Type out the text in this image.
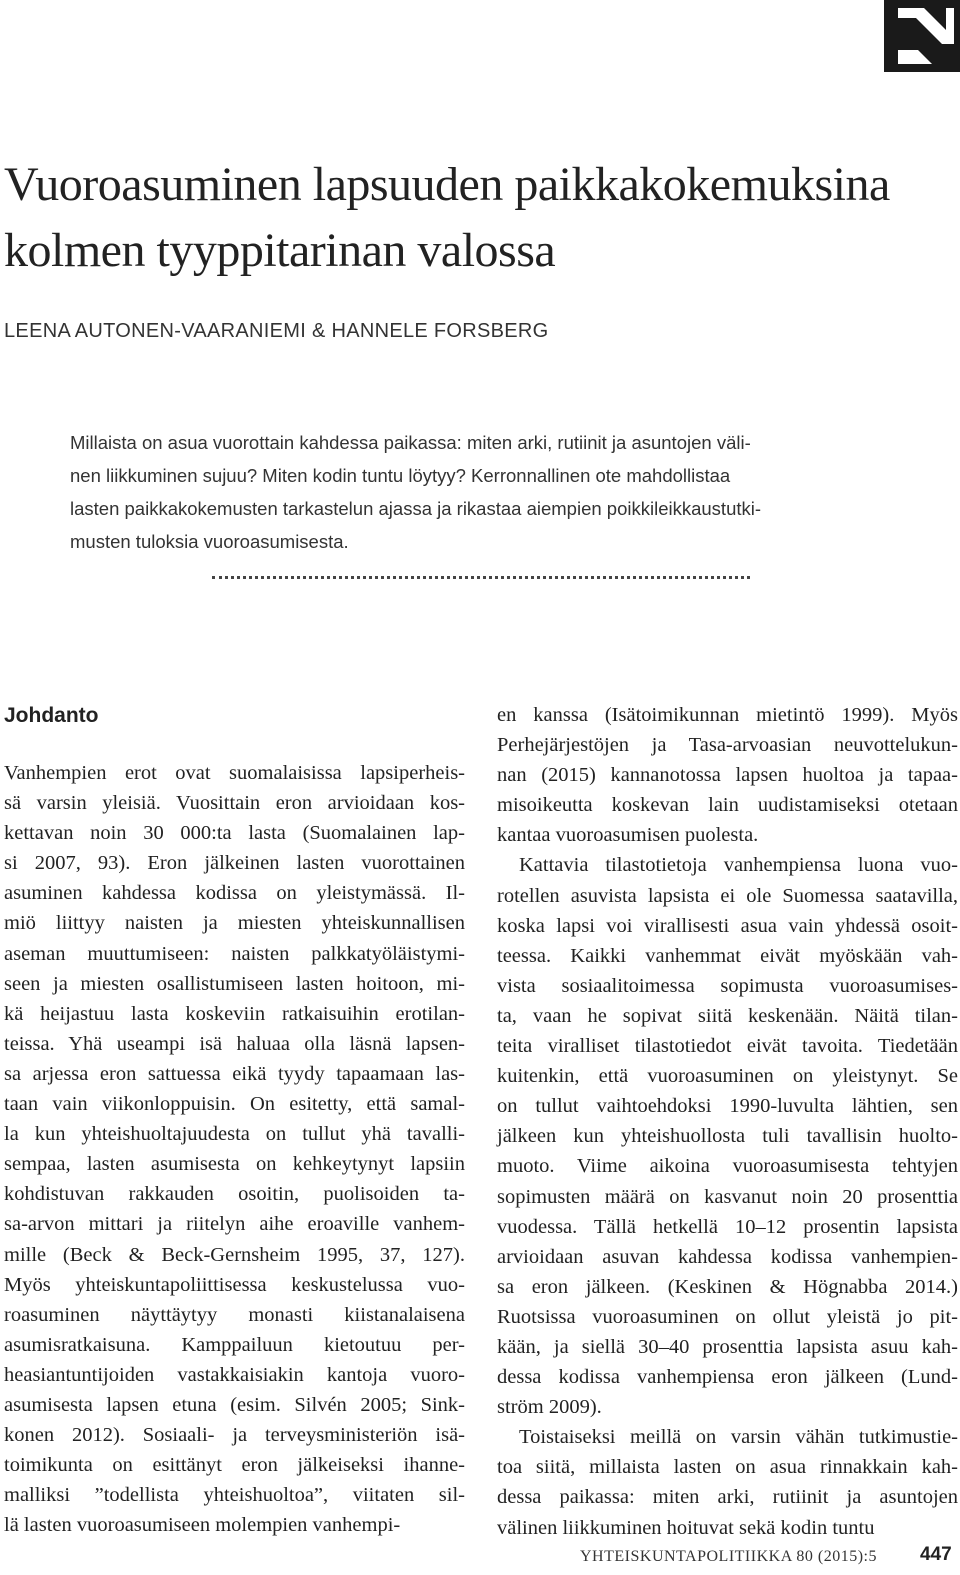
Vuoroasuminen lapsuuden paikkakokemuksina
kolmen tyyppitarinan valossa

LEENA AUTONEN-VAARANIEMI & HANNELE FORSBERG

Millaista on asua vuorottain kahdessa paikassa: miten arki, rutiinit ja asuntojen väli-
nen liikkuminen sujuu? Miten kodin tuntu löytyy? Kerronnallinen ote mahdollistaa
lasten paikkakokemusten tarkastelun ajassa ja rikastaa aiempien poikkileikkaustutki-
musten tuloksia vuoroasumisesta.
Johdanto
Vanhempien erot ovat suomalaisissa lapsiperheis-
sä varsin yleisiä. Vuosittain eron arvioidaan kos-
kettavan noin 30 000:ta lasta (Suomalainen lap-
si 2007, 93). Eron jälkeinen lasten vuorottainen
asuminen kahdessa kodissa on yleistymässä. Il-
miö liittyy naisten ja miesten yhteiskunnallisen
aseman muuttumiseen: naisten palkkatyöläistymi-
seen ja miesten osallistumiseen lasten hoitoon, mi-
kä heijastuu lasta koskeviin ratkaisuihin erotilan-
teissa. Yhä useampi isä haluaa olla läsnä lapsen-
sa arjessa eron sattuessa eikä tyydy tapaamaan las-
taan vain viikonloppuisin. On esitetty, että samal-
la kun yhteishuoltajuudesta on tullut yhä tavalli-
sempaa, lasten asumisesta on kehkeytynyt lapsiin
kohdistuvan rakkauden osoitin, puolisoiden ta-
sa-arvon mittari ja riitelyn aihe eroaville vanhem-
mille (Beck & Beck-Gernsheim 1995, 37, 127).
Myös yhteiskuntapoliittisessa keskustelussa vuo-
roasuminen näyttäytyy monasti kiistanalaisena
asumisratkaisuna. Kamppailuun kietoutuu per-
heasiantuntijoiden vastakkaisiakin kantoja vuoro-
asumisesta lapsen etuna (esim. Silvén 2005; Sink-
konen 2012). Sosiaali- ja terveysministeriön isä-
toimikunta on esittänyt eron jälkeiseksi ihanne-
malliksi ”todellista yhteishuoltoa”, viitaten sil-
lä lasten vuoroasumiseen molempien vanhempi-
en kanssa (Isätoimikunnan mietintö 1999). Myös
Perhejärjestöjen ja Tasa-arvoasian neuvottelukun-
nan (2015) kannanotossa lapsen huoltoa ja tapaa-
misoikeutta koskevan lain uudistamiseksi otetaan
kantaa vuoroasumisen puolesta.
Kattavia tilastotietoja vanhempiensa luona vuo-
rotellen asuvista lapsista ei ole Suomessa saatavilla,
koska lapsi voi virallisesti asua vain yhdessä osoit-
teessa. Kaikki vanhemmat eivät myöskään vah-
vista sosiaalitoimessa sopimusta vuoroasumises-
ta, vaan he sopivat siitä keskenään. Näitä tilan-
teita viralliset tilastotiedot eivät tavoita. Tiedetään
kuitenkin, että vuoroasuminen on yleistynyt. Se
on tullut vaihtoehdoksi 1990-luvulta lähtien, sen
jälkeen kun yhteishuollosta tuli tavallisin huolto-
muoto. Viime aikoina vuoroasumisesta tehtyjen
sopimusten määrä on kasvanut noin 20 prosenttia
vuodessa. Tällä hetkellä 10–12 prosentin lapsista
arvioidaan asuvan kahdessa kodissa vanhempien-
sa eron jälkeen. (Keskinen & Högnabba 2014.)
Ruotsissa vuoroasuminen on ollut yleistä jo pit-
kään, ja siellä 30–40 prosenttia lapsista asuu kah-
dessa kodissa vanhempiensa eron jälkeen (Lund-
ström 2009).
Toistaiseksi meillä on varsin vähän tutkimustie-
toa siitä, millaista lasten on asua rinnakkain kah-
dessa paikassa: miten arki, rutiinit ja asuntojen
välinen liikkuminen hoituvat sekä kodin tuntu
YHTEISKUNTAPOLITIIKKA 80 (2015):5 447
